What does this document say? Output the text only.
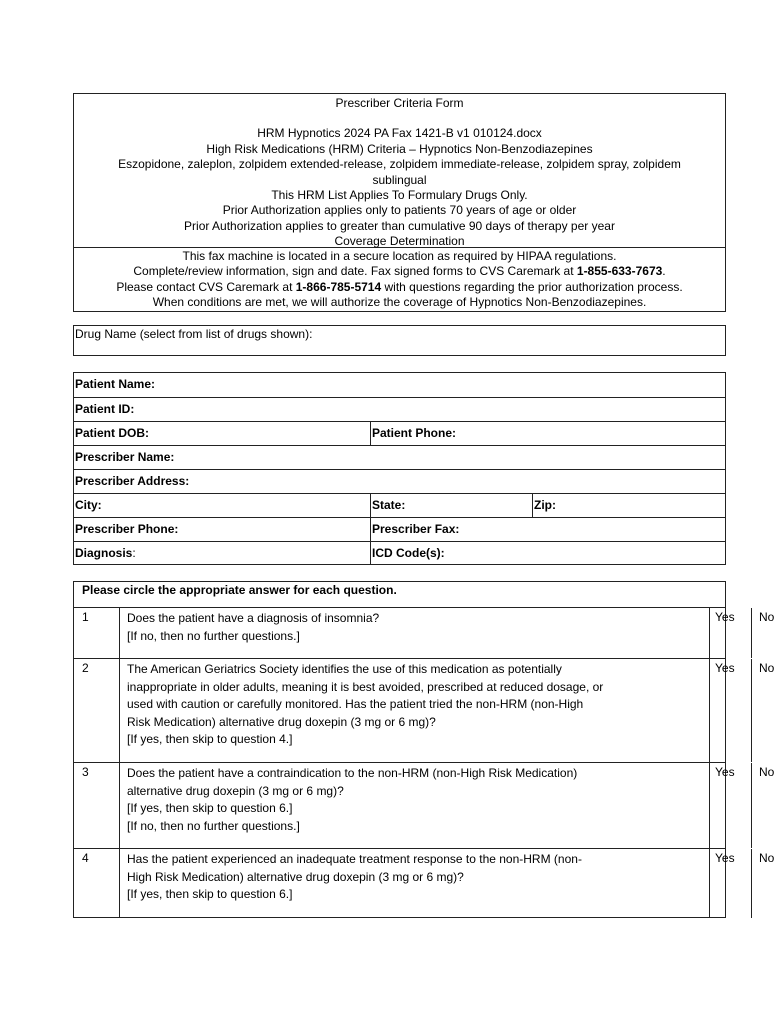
Prescriber Criteria Form
HRM Hypnotics 2024 PA Fax 1421-B v1 010124.docx
High Risk Medications (HRM) Criteria – Hypnotics Non-Benzodiazepines
Eszopidone, zaleplon, zolpidem extended-release, zolpidem immediate-release, zolpidem spray, zolpidem
sublingual
This HRM List Applies To Formulary Drugs Only.
Prior Authorization applies only to patients 70 years of age or older
Prior Authorization applies to greater than cumulative 90 days of therapy per year
Coverage Determination
This fax machine is located in a secure location as required by HIPAA regulations.
Complete/review information, sign and date. Fax signed forms to CVS Caremark at 1-855-633-7673.
Please contact CVS Caremark at 1-866-785-5714 with questions regarding the prior authorization process.
When conditions are met, we will authorize the coverage of Hypnotics Non-Benzodiazepines.
Drug Name (select from list of drugs shown):
Patient Name:
Patient ID:
Patient DOB:	Patient Phone:
Prescriber Name:
Prescriber Address:
City:	State:	Zip:
Prescriber Phone:	Prescriber Fax:
Diagnosis:	ICD Code(s):
Please circle the appropriate answer for each question.
1	Does the patient have a diagnosis of insomnia?
[If no, then no further questions.]
Yes	No
2	The American Geriatrics Society identifies the use of this medication as potentially
inappropriate in older adults, meaning it is best avoided, prescribed at reduced dosage, or
used with caution or carefully monitored. Has the patient tried the non-HRM (non-High
Risk Medication) alternative drug doxepin (3 mg or 6 mg)?
[If yes, then skip to question 4.]
Yes	No
3	Does the patient have a contraindication to the non-HRM (non-High Risk Medication)
alternative drug doxepin (3 mg or 6 mg)?
[If yes, then skip to question 6.]
[If no, then no further questions.]
Yes	No
4	Has the patient experienced an inadequate treatment response to the non-HRM (non-
High Risk Medication) alternative drug doxepin (3 mg or 6 mg)?
[If yes, then skip to question 6.]
Yes	No
